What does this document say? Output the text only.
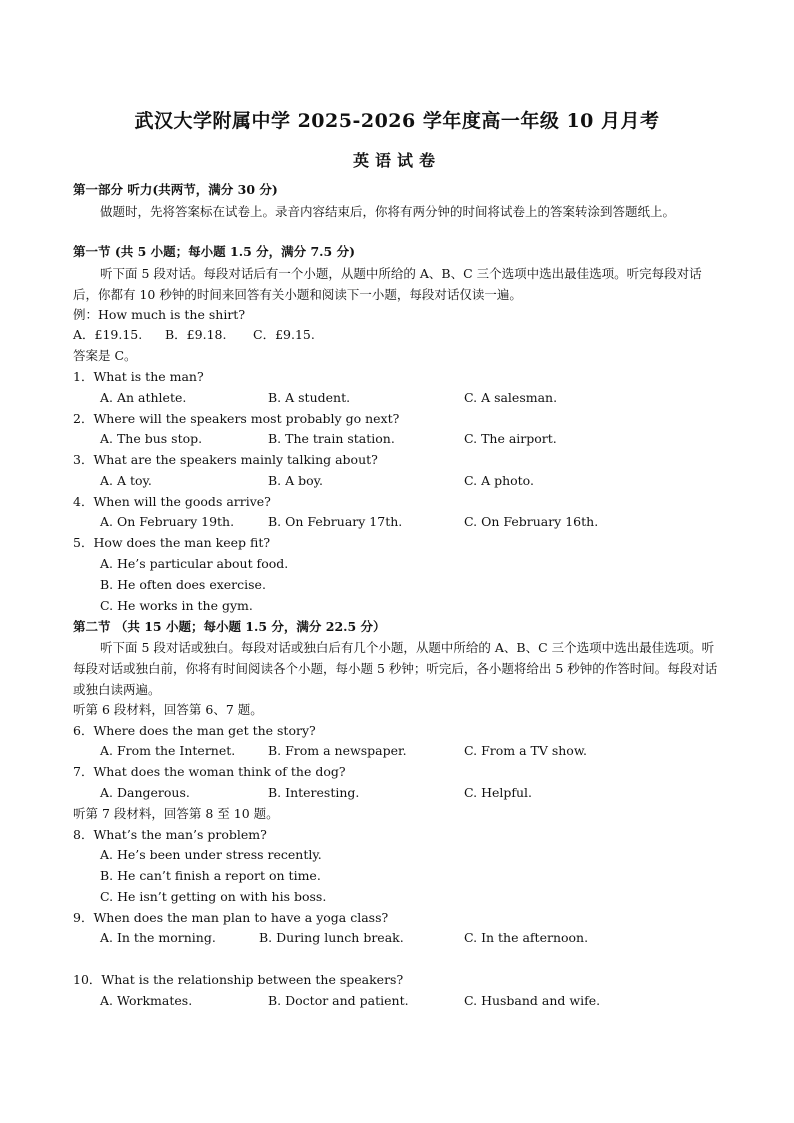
武汉大学附属中学 2025-2026 学年度高一年级 10 月月考
英语试卷
第一部分 听力(共两节，满分 30 分)
做题时，先将答案标在试卷上。录音内容结束后，你将有两分钟的时间将试卷上的答案转涂到答题纸上。
第一节 (共 5 小题；每小题 1.5 分，满分 7.5 分)
听下面 5 段对话。每段对话后有一个小题，从题中所给的 A、B、C 三个选项中选出最佳选项。听完每段对话后，你都有 10 秒钟的时间来回答有关小题和阅读下一小题，每段对话仅读一遍。
例：How much is the shirt?
A．£19.15. B．£9.18. C．£9.15.
答案是 C。
1．What is the man?
A. An athlete.	B. A student.	C. A salesman.
2．Where will the speakers most probably go next?
A. The bus stop.	B. The train station.	C. The airport.
3．What are the speakers mainly talking about?
A. A toy.	B. A boy.	C. A photo.
4．When will the goods arrive?
A. On February 19th.	B. On February 17th.	C. On February 16th.
5．How does the man keep fit?
A. He’s particular about food.
B. He often does exercise.
C. He works in the gym.
第二节 （共 15 小题；每小题 1.5 分，满分 22.5 分）
听下面 5 段对话或独白。每段对话或独白后有几个小题，从题中所给的 A、B、C 三个选项中选出最佳选项。听每段对话或独白前，你将有时间阅读各个小题，每小题 5 秒钟；听完后，各小题将给出 5 秒钟的作答时间。每段对话或独白读两遍。
听第 6 段材料，回答第 6、7 题。
6．Where does the man get the story?
A. From the Internet.	B. From a newspaper.	C. From a TV show.
7．What does the woman think of the dog?
A. Dangerous.	B. Interesting.	C. Helpful.
听第 7 段材料，回答第 8 至 10 题。
8．What’s the man’s problem?
A. He’s been under stress recently.
B. He can’t finish a report on time.
C. He isn’t getting on with his boss.
9．When does the man plan to have a yoga class?
A. In the morning.	B. During lunch break.	C. In the afternoon.
10．What is the relationship between the speakers?
A. Workmates.	B. Doctor and patient.	C. Husband and wife.
